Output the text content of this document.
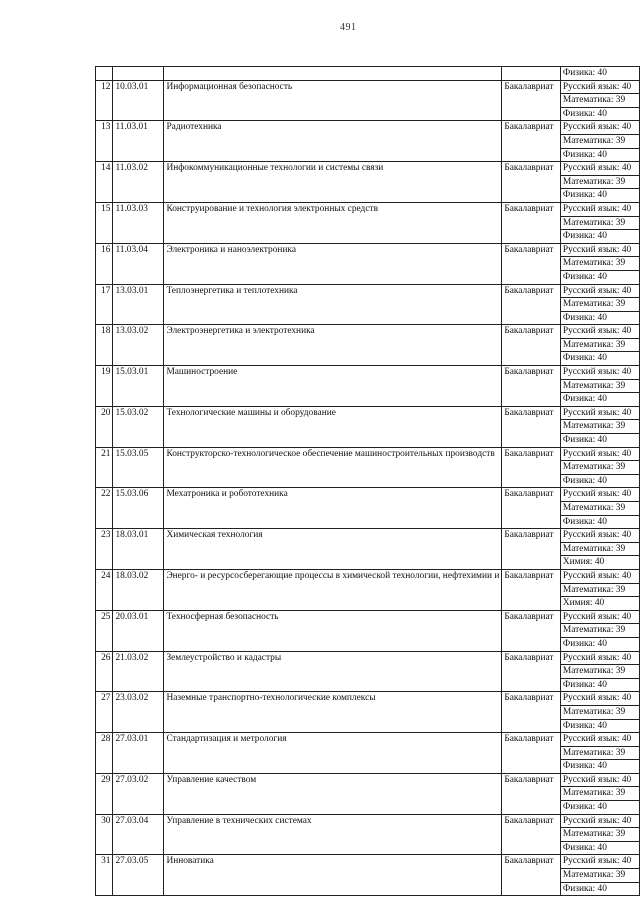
491
				Физика: 40
12	10.03.01	Информационная безопасность	Бакалавриат	Русский язык: 40
				Математика: 39
				Физика: 40
13	11.03.01	Радиотехника	Бакалавриат	Русский язык: 40
				Математика: 39
				Физика: 40
14	11.03.02	Инфокоммуникационные технологии и системы связи	Бакалавриат	Русский язык: 40
				Математика: 39
				Физика: 40
15	11.03.03	Конструирование и технология электронных средств	Бакалавриат	Русский язык: 40
				Математика: 39
				Физика: 40
16	11.03.04	Электроника и наноэлектроника	Бакалавриат	Русский язык: 40
				Математика: 39
				Физика: 40
17	13.03.01	Теплоэнергетика и теплотехника	Бакалавриат	Русский язык: 40
				Математика: 39
				Физика: 40
18	13.03.02	Электроэнергетика и электротехника	Бакалавриат	Русский язык: 40
				Математика: 39
				Физика: 40
19	15.03.01	Машиностроение	Бакалавриат	Русский язык: 40
				Математика: 39
				Физика: 40
20	15.03.02	Технологические машины и оборудование	Бакалавриат	Русский язык: 40
				Математика: 39
				Физика: 40
21	15.03.05	Конструкторско-технологическое обеспечение машиностроительных производств	Бакалавриат	Русский язык: 40
				Математика: 39
				Физика: 40
22	15.03.06	Мехатроника и робототехника	Бакалавриат	Русский язык: 40
				Математика: 39
				Физика: 40
23	18.03.01	Химическая технология	Бакалавриат	Русский язык: 40
				Математика: 39
				Химия: 40
24	18.03.02	Энерго- и ресурсосберегающие процессы в химической технологии, нефтехимии и	Бакалавриат	Русский язык: 40
				Математика: 39
				Химия: 40
25	20.03.01	Техносферная безопасность	Бакалавриат	Русский язык: 40
				Математика: 39
				Физика: 40
26	21.03.02	Землеустройство и кадастры	Бакалавриат	Русский язык: 40
				Математика: 39
				Физика: 40
27	23.03.02	Наземные транспортно-технологические комплексы	Бакалавриат	Русский язык: 40
				Математика: 39
				Физика: 40
28	27.03.01	Стандартизация и метрология	Бакалавриат	Русский язык: 40
				Математика: 39
				Физика: 40
29	27.03.02	Управление качеством	Бакалавриат	Русский язык: 40
				Математика: 39
				Физика: 40
30	27.03.04	Управление в технических системах	Бакалавриат	Русский язык: 40
				Математика: 39
				Физика: 40
31	27.03.05	Инноватика	Бакалавриат	Русский язык: 40
				Математика: 39
				Физика: 40
